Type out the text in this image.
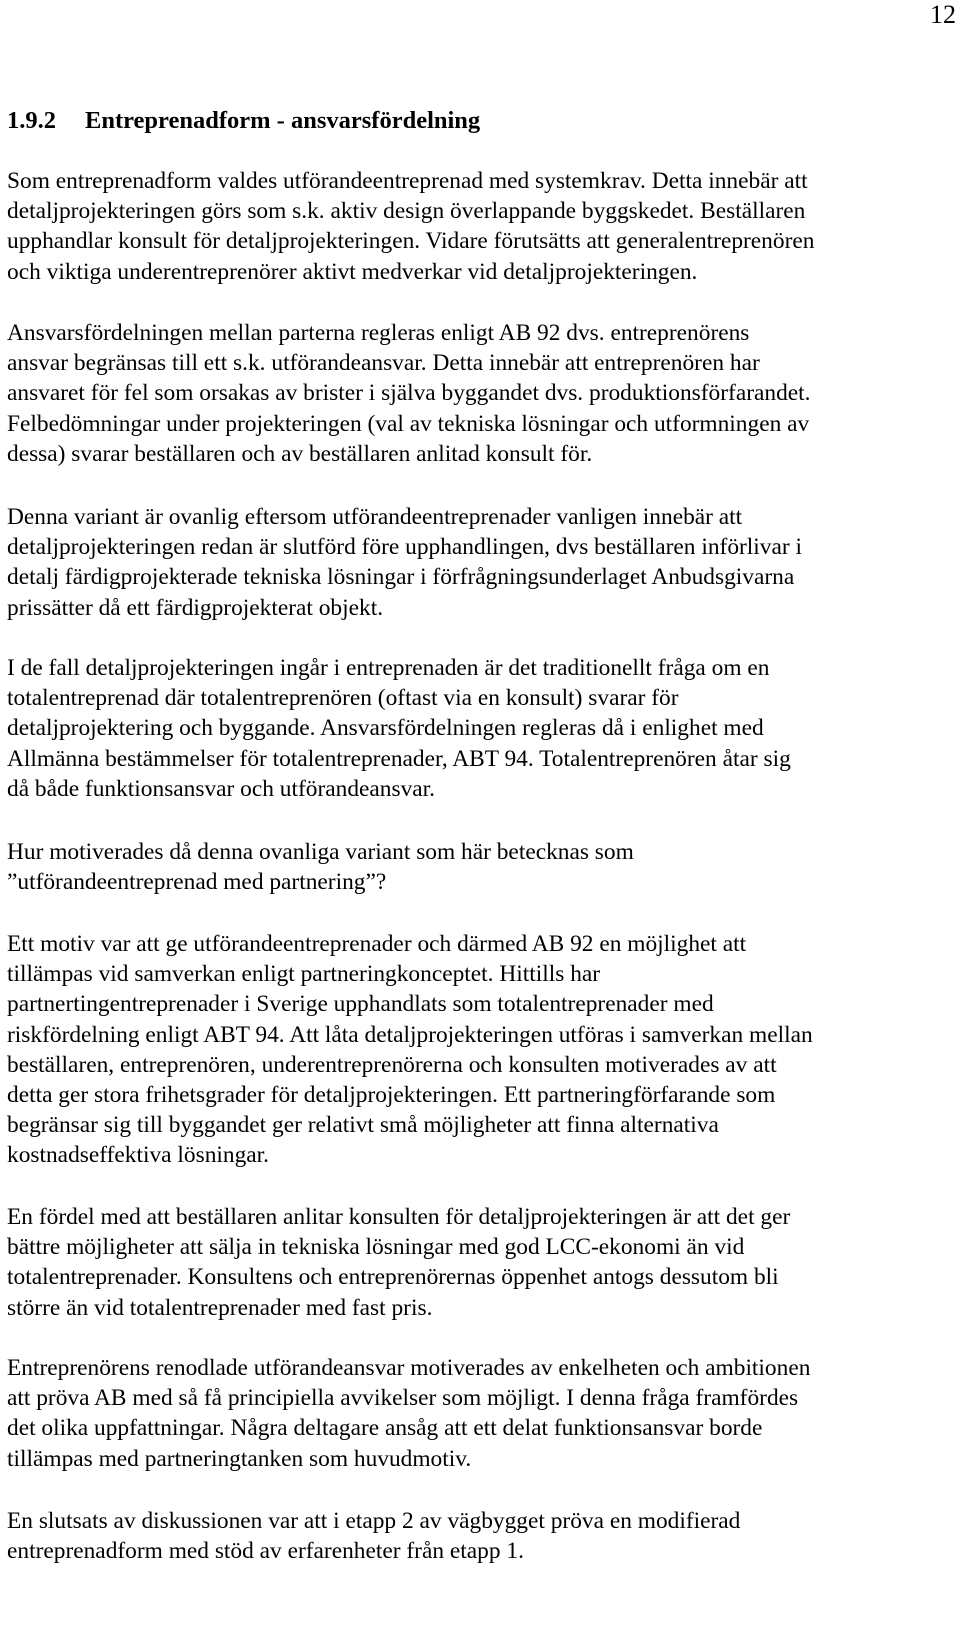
12
1.9.2 Entreprenadform - ansvarsfördelning

Som entreprenadform valdes utförandeentreprenad med systemkrav. Detta innebär att
detaljprojekteringen görs som s.k. aktiv design överlappande byggskedet. Beställaren
upphandlar konsult för detaljprojekteringen. Vidare förutsätts att generalentreprenören
och viktiga underentreprenörer aktivt medverkar vid detaljprojekteringen.

Ansvarsfördelningen mellan parterna regleras enligt AB 92 dvs. entreprenörens
ansvar begränsas till ett s.k. utförandeansvar. Detta innebär att entreprenören har
ansvaret för fel som orsakas av brister i själva byggandet dvs. produktionsförfarandet.
Felbedömningar under projekteringen (val av tekniska lösningar och utformningen av
dessa) svarar beställaren och av beställaren anlitad konsult för.

Denna variant är ovanlig eftersom utförandeentreprenader vanligen innebär att
detaljprojekteringen redan är slutförd före upphandlingen, dvs beställaren införlivar i
detalj färdigprojekterade tekniska lösningar i förfrågningsunderlaget Anbudsgivarna
prissätter då ett färdigprojekterat objekt.

I de fall detaljprojekteringen ingår i entreprenaden är det traditionellt fråga om en
totalentreprenad där totalentreprenören (oftast via en konsult) svarar för
detaljprojektering och byggande. Ansvarsfördelningen regleras då i enlighet med
Allmänna bestämmelser för totalentreprenader, ABT 94. Totalentreprenören åtar sig
då både funktionsansvar och utförandeansvar.

Hur motiverades då denna ovanliga variant som här betecknas som
”utförandeentreprenad med partnering”?

Ett motiv var att ge utförandeentreprenader och därmed AB 92 en möjlighet att
tillämpas vid samverkan enligt partneringkonceptet. Hittills har
partnertingentreprenader i Sverige upphandlats som totalentreprenader med
riskfördelning enligt ABT 94. Att låta detaljprojekteringen utföras i samverkan mellan
beställaren, entreprenören, underentreprenörerna och konsulten motiverades av att
detta ger stora frihetsgrader för detaljprojekteringen. Ett partneringförfarande som
begränsar sig till byggandet ger relativt små möjligheter att finna alternativa
kostnadseffektiva lösningar.

En fördel med att beställaren anlitar konsulten för detaljprojekteringen är att det ger
bättre möjligheter att sälja in tekniska lösningar med god LCC-ekonomi än vid
totalentreprenader. Konsultens och entreprenörernas öppenhet antogs dessutom bli
större än vid totalentreprenader med fast pris.

Entreprenörens renodlade utförandeansvar motiverades av enkelheten och ambitionen
att pröva AB med så få principiella avvikelser som möjligt. I denna fråga framfördes
det olika uppfattningar. Några deltagare ansåg att ett delat funktionsansvar borde
tillämpas med partneringtanken som huvudmotiv.

En slutsats av diskussionen var att i etapp 2 av vägbygget pröva en modifierad
entreprenadform med stöd av erfarenheter från etapp 1.
